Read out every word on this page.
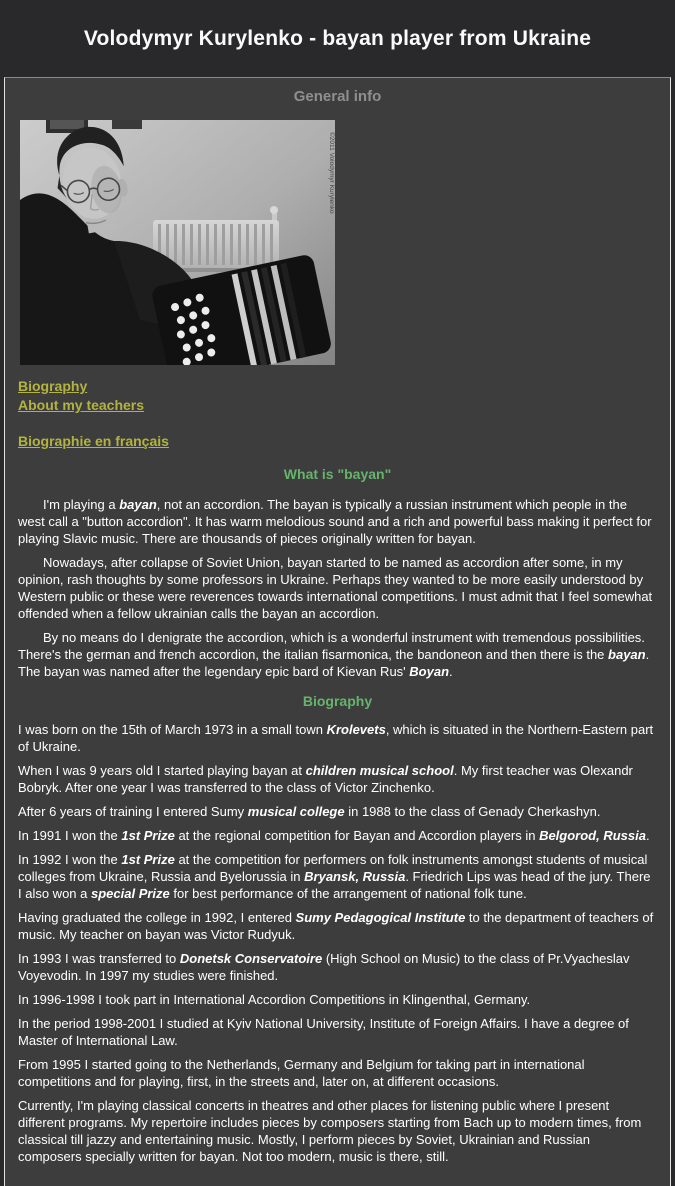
Volodymyr Kurylenko - bayan player from Ukraine
General info
©2011 Volodymyr Kurylenko
Biography
About my teachers
Biographie en français
What is "bayan"

I'm playing a bayan, not an accordion. The bayan is typically a russian instrument which people in the west call a "button accordion". It has warm melodious sound and a rich and powerful bass making it perfect for playing Slavic music. There are thousands of pieces originally written for bayan.

Nowadays, after collapse of Soviet Union, bayan started to be named as accordion after some, in my opinion, rash thoughts by some professors in Ukraine. Perhaps they wanted to be more easily understood by Western public or these were reverences towards international competitions. I must admit that I feel somewhat offended when a fellow ukrainian calls the bayan an accordion.

By no means do I denigrate the accordion, which is a wonderful instrument with tremendous possibilities. There's the german and french accordion, the italian fisarmonica, the bandoneon and then there is the bayan. The bayan was named after the legendary epic bard of Kievan Rus' Boyan.

Biography

I was born on the 15th of March 1973 in a small town Krolevets, which is situated in the Northern-Eastern part of Ukraine.

When I was 9 years old I started playing bayan at children musical school. My first teacher was Olexandr Bobryk. After one year I was transferred to the class of Victor Zinchenko.

After 6 years of training I entered Sumy musical college in 1988 to the class of Genady Cherkashyn.

In 1991 I won the 1st Prize at the regional competition for Bayan and Accordion players in Belgorod, Russia.

In 1992 I won the 1st Prize at the competition for performers on folk instruments amongst students of musical colleges from Ukraine, Russia and Byelorussia in Bryansk, Russia. Friedrich Lips was head of the jury. There I also won a special Prize for best performance of the arrangement of national folk tune.

Having graduated the college in 1992, I entered Sumy Pedagogical Institute to the department of teachers of music. My teacher on bayan was Victor Rudyuk.

In 1993 I was transferred to Donetsk Conservatoire (High School on Music) to the class of Pr.Vyacheslav Voyevodin. In 1997 my studies were finished.

In 1996-1998 I took part in International Accordion Competitions in Klingenthal, Germany.

In the period 1998-2001 I studied at Kyiv National University, Institute of Foreign Affairs. I have a degree of Master of International Law.

From 1995 I started going to the Netherlands, Germany and Belgium for taking part in international competitions and for playing, first, in the streets and, later on, at different occasions.

Currently, I'm playing classical concerts in theatres and other places for listening public where I present different programs. My repertoire includes pieces by composers starting from Bach up to modern times, from classical till jazzy and entertaining music. Mostly, I perform pieces by Soviet, Ukrainian and Russian composers specially written for bayan. Not too modern, music is there, still.
